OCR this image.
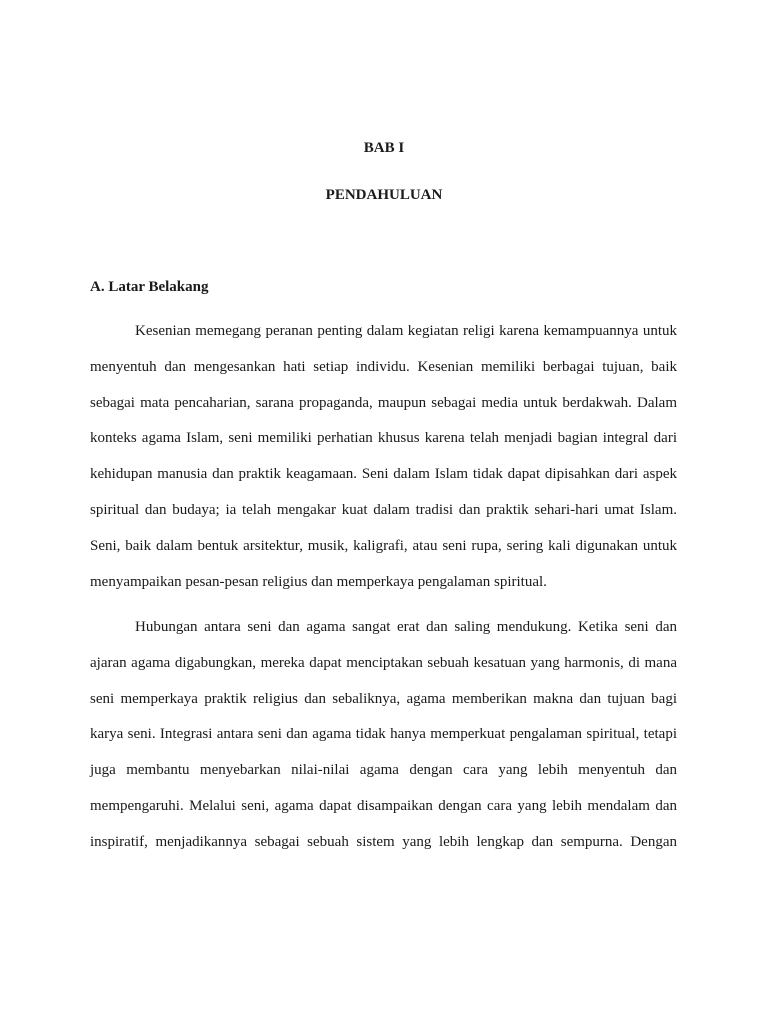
BAB I
PENDAHULUAN
A. Latar Belakang
Kesenian memegang peranan penting dalam kegiatan religi karena kemampuannya untuk
menyentuh dan mengesankan hati setiap individu. Kesenian memiliki berbagai tujuan, baik
sebagai mata pencaharian, sarana propaganda, maupun sebagai media untuk berdakwah. Dalam
konteks agama Islam, seni memiliki perhatian khusus karena telah menjadi bagian integral dari
kehidupan manusia dan praktik keagamaan. Seni dalam Islam tidak dapat dipisahkan dari aspek
spiritual dan budaya; ia telah mengakar kuat dalam tradisi dan praktik sehari-hari umat Islam.
Seni, baik dalam bentuk arsitektur, musik, kaligrafi, atau seni rupa, sering kali digunakan untuk
menyampaikan pesan-pesan religius dan memperkaya pengalaman spiritual.
Hubungan antara seni dan agama sangat erat dan saling mendukung. Ketika seni dan
ajaran agama digabungkan, mereka dapat menciptakan sebuah kesatuan yang harmonis, di mana
seni memperkaya praktik religius dan sebaliknya, agama memberikan makna dan tujuan bagi
karya seni. Integrasi antara seni dan agama tidak hanya memperkuat pengalaman spiritual, tetapi
juga membantu menyebarkan nilai-nilai agama dengan cara yang lebih menyentuh dan
mempengaruhi. Melalui seni, agama dapat disampaikan dengan cara yang lebih mendalam dan
inspiratif, menjadikannya sebagai sebuah sistem yang lebih lengkap dan sempurna. Dengan
